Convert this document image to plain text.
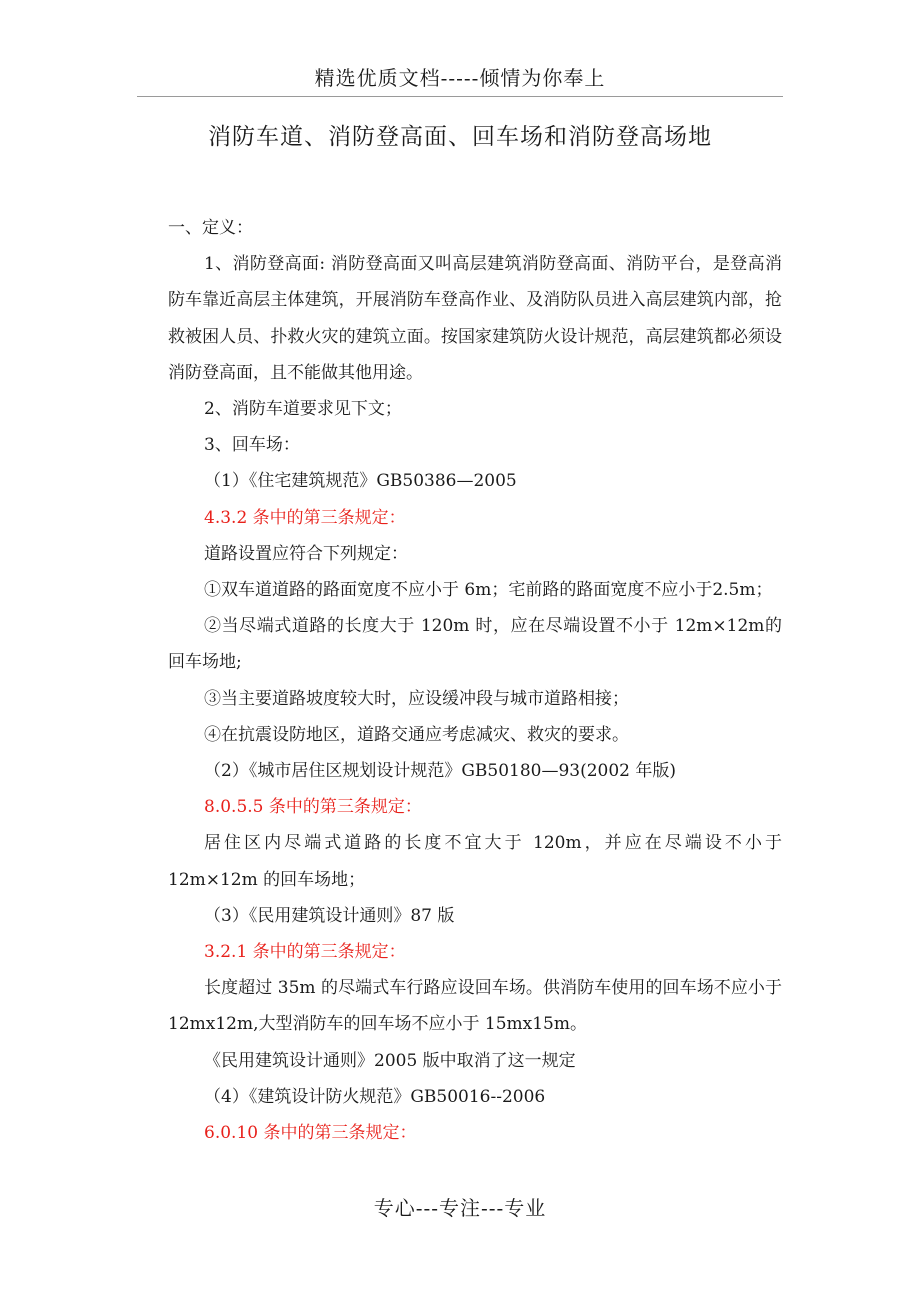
精选优质文档-----倾情为你奉上
消防车道、消防登高面、回车场和消防登高场地

一、定义：

1、消防登高面: 消防登高面又叫高层建筑消防登高面、消防平台，是登高消防车靠近高层主体建筑，开展消防车登高作业、及消防队员进入高层建筑内部，抢救被困人员、扑救火灾的建筑立面。按国家建筑防火设计规范，高层建筑都必须设消防登高面，且不能做其他用途。

2、消防车道要求见下文；

3、回车场：

（1）《住宅建筑规范》GB50386—2005

4.3.2 条中的第三条规定：

道路设置应符合下列规定：

①双车道道路的路面宽度不应小于 6m；宅前路的路面宽度不应小于2.5m；

②当尽端式道路的长度大于 120m 时，应在尽端设置不小于 12m×12m的回车场地;

③当主要道路坡度较大时，应设缓冲段与城市道路相接；

④在抗震设防地区，道路交通应考虑减灾、救灾的要求。

（2）《城市居住区规划设计规范》GB50180—93(2002 年版)

8.0.5.5 条中的第三条规定：

居住区内尽端式道路的长度不宜大于 120m，并应在尽端设不小于 12m×12m 的回车场地；

（3）《民用建筑设计通则》87 版

3.2.1 条中的第三条规定：

长度超过 35m 的尽端式车行路应设回车场。供消防车使用的回车场不应小于 12mx12m,大型消防车的回车场不应小于 15mx15m。

《民用建筑设计通则》2005 版中取消了这一规定

（4）《建筑设计防火规范》GB50016--2006

6.0.10 条中的第三条规定：

专心---专注---专业
